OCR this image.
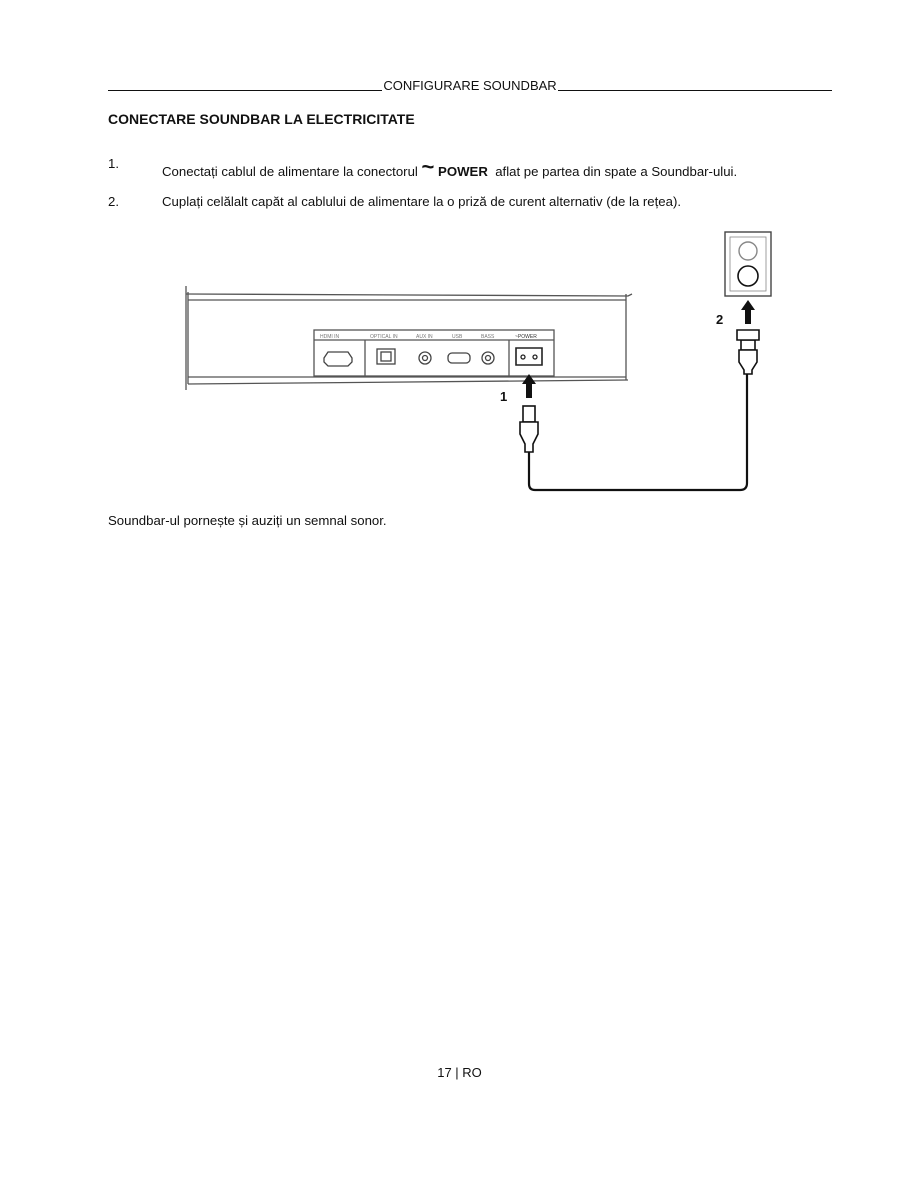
CONFIGURARE SOUNDBAR
CONECTARE SOUNDBAR LA ELECTRICITATE
1.
Conectați cablul de alimentare la conectorul ~ POWER  aflat pe partea din spate a Soundbar-ului.
2.	Cuplați celălalt capăt al cablului de alimentare la o priză de curent alternativ (de la rețea).
HDMI IN	OPTICAL IN	AUX IN	USB	BASS	~POWER
1
2
Soundbar-ul pornește și auziți un semnal sonor.
17 | RO
